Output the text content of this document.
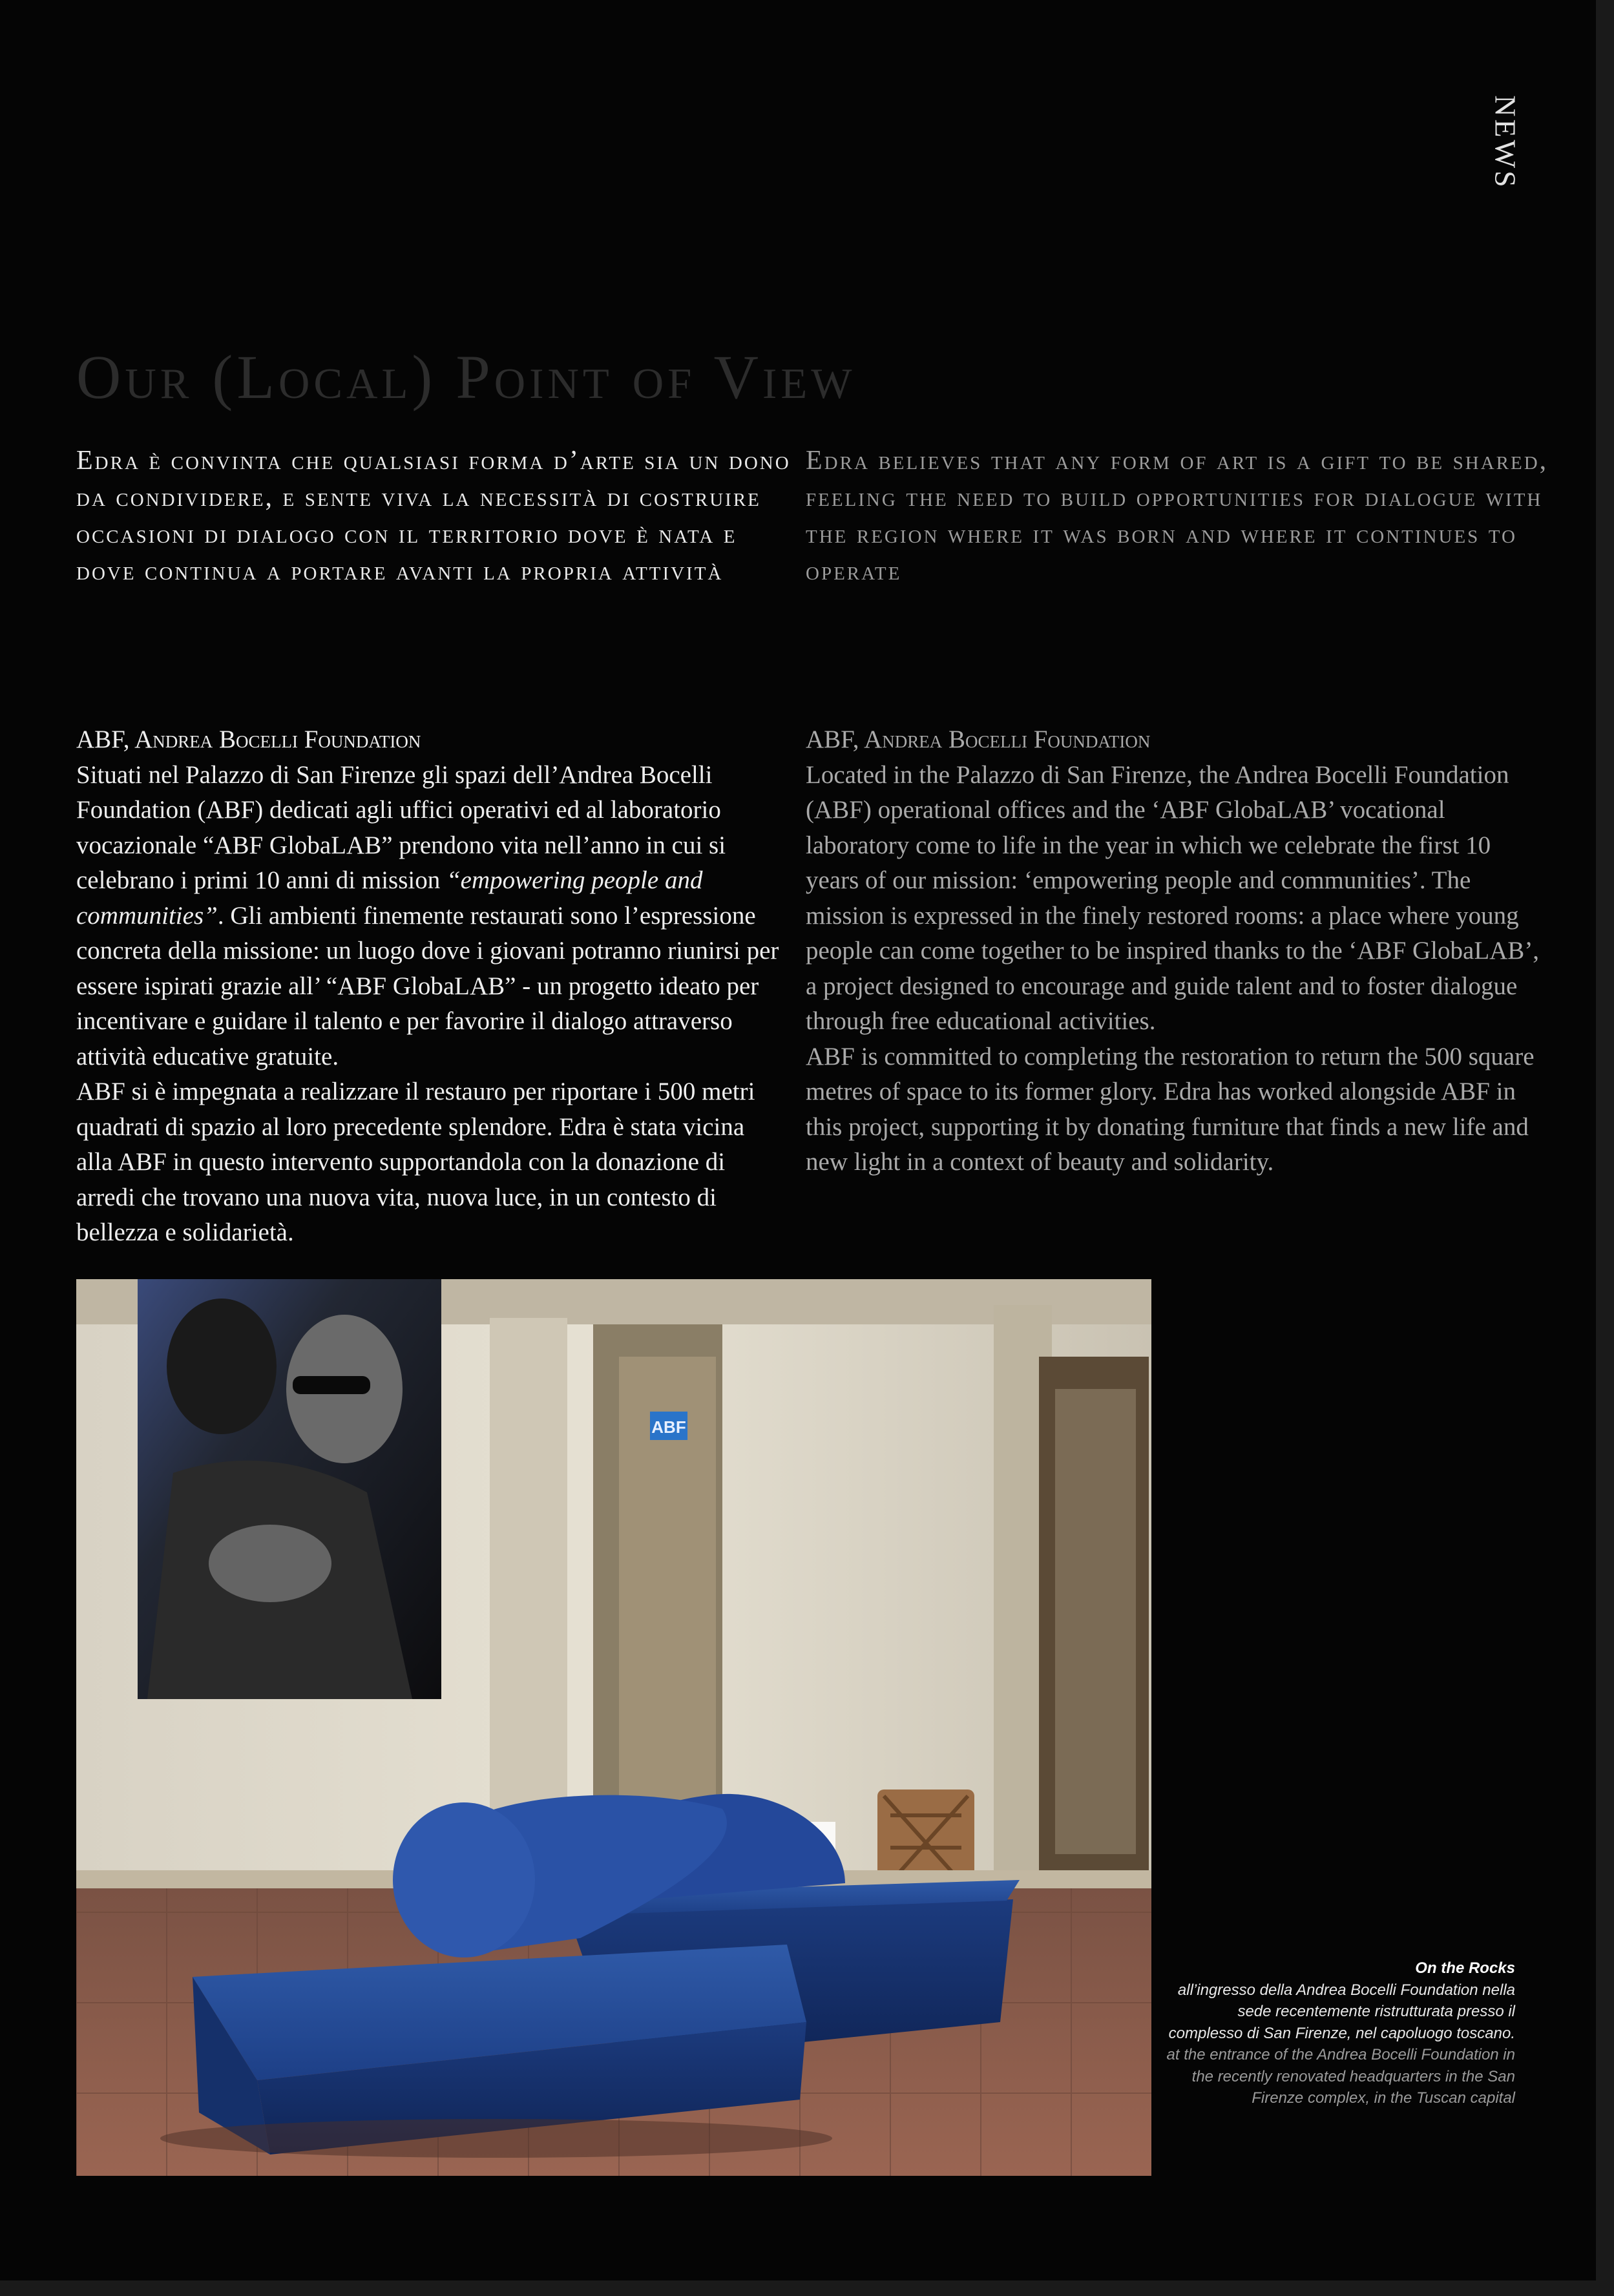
NEWS
Our (Local) Point of View

Edra è convinta che qualsiasi forma d’arte sia un dono da condividere, e sente viva la necessità di costruire occasioni di dialogo con il territorio dove è nata e dove continua a portare avanti la propria attività

Edra believes that any form of art is a gift to be shared, feeling the need to build opportunities for dialogue with the region where it was born and where it continues to operate

ABF, Andrea Bocelli Foundation

Situati nel Palazzo di San Firenze gli spazi dell’Andrea Bocelli Foundation (ABF) dedicati agli uffici operativi ed al laboratorio vocazionale “ABF GlobaLAB” prendono vita nell’anno in cui si celebrano i primi 10 anni di mission “empowering people and communities”. Gli ambienti finemente restaurati sono l’espressione concreta della missione: un luogo dove i giovani potranno riunirsi per essere ispirati grazie all’ “ABF GlobaLAB” - un progetto ideato per incentivare e guidare il talento e per favorire il dialogo attraverso attività educative gratuite.

ABF si è impegnata a realizzare il restauro per riportare i 500 metri quadrati di spazio al loro precedente splendore. Edra è stata vicina alla ABF in questo intervento supportandola con la donazione di arredi che trovano una nuova vita, nuova luce, in un contesto di bellezza e solidarietà.

ABF, Andrea Bocelli Foundation

Located in the Palazzo di San Firenze, the Andrea Bocelli Foundation (ABF) operational offices and the ‘ABF GlobaLAB’ vocational laboratory come to life in the year in which we celebrate the first 10 years of our mission: ‘empowering people and communities’. The mission is expressed in the finely restored rooms: a place where young people can come together to be inspired thanks to the ‘ABF GlobaLAB’, a project designed to encourage and guide talent and to foster dialogue through free educational activities.

ABF is committed to completing the restoration to return the 500 square metres of space to its former glory. Edra has worked alongside ABF in this project, supporting it by donating furniture that finds a new life and new light in a context of beauty and solidarity.

ABF
On the Rocks
all’ingresso della Andrea Bocelli Foundation nella sede recentemente ristrutturata presso il complesso di San Firenze, nel capoluogo toscano.
at the entrance of the Andrea Bocelli Foundation in the recently renovated headquarters in the San Firenze complex, in the Tuscan capital
